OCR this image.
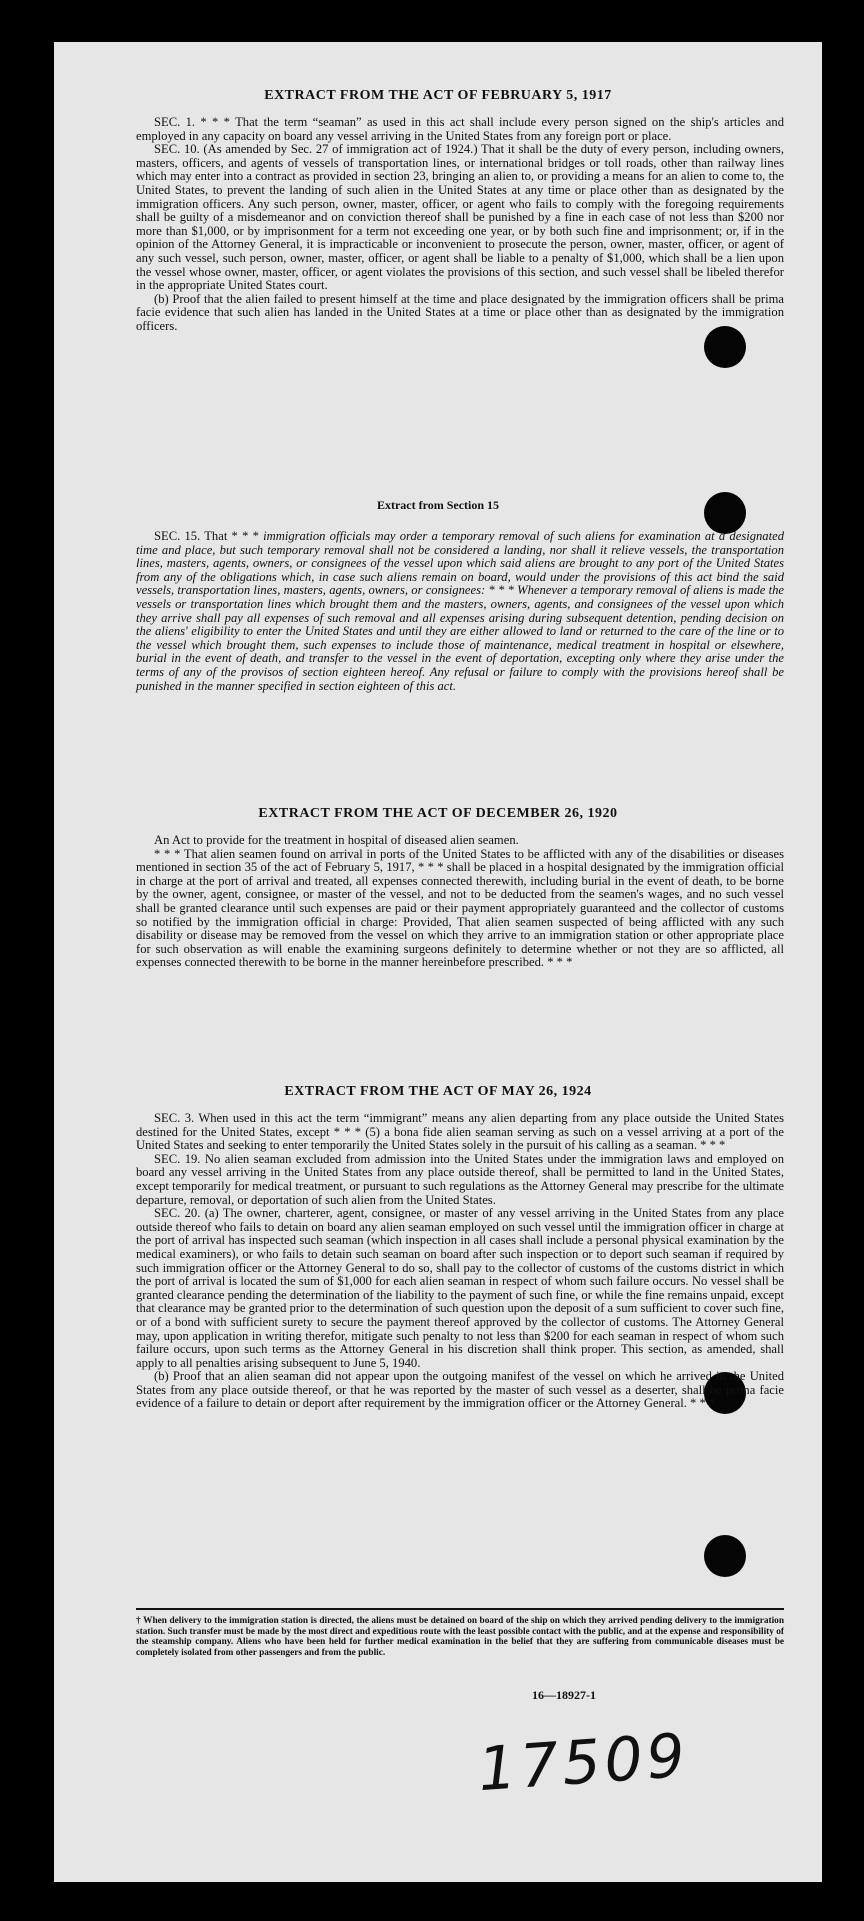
EXTRACT FROM THE ACT OF FEBRUARY 5, 1917

SEC. 1. * * * That the term “seaman” as used in this act shall include every person signed on the ship's articles and employed in any capacity on board any vessel arriving in the United States from any foreign port or place.

SEC. 10. (As amended by Sec. 27 of immigration act of 1924.) That it shall be the duty of every person, including owners, masters, officers, and agents of vessels of transportation lines, or international bridges or toll roads, other than railway lines which may enter into a contract as provided in section 23, bringing an alien to, or providing a means for an alien to come to, the United States, to prevent the landing of such alien in the United States at any time or place other than as designated by the immigration officers. Any such person, owner, master, officer, or agent who fails to comply with the foregoing requirements shall be guilty of a misdemeanor and on conviction thereof shall be punished by a fine in each case of not less than $200 nor more than $1,000, or by imprisonment for a term not exceeding one year, or by both such fine and imprisonment; or, if in the opinion of the Attorney General, it is impracticable or inconvenient to prosecute the person, owner, master, officer, or agent of any such vessel, such person, owner, master, officer, or agent shall be liable to a penalty of $1,000, which shall be a lien upon the vessel whose owner, master, officer, or agent violates the provisions of this section, and such vessel shall be libeled therefor in the appropriate United States court.

(b) Proof that the alien failed to present himself at the time and place designated by the immigration officers shall be prima facie evidence that such alien has landed in the United States at a time or place other than as designated by the immigration officers.

Extract from Section 15

SEC. 15. That * * * immigration officials may order a temporary removal of such aliens for examination at a designated time and place, but such temporary removal shall not be considered a landing, nor shall it relieve vessels, the transportation lines, masters, agents, owners, or consignees of the vessel upon which said aliens are brought to any port of the United States from any of the obligations which, in case such aliens remain on board, would under the provisions of this act bind the said vessels, transportation lines, masters, agents, owners, or consignees: * * * Whenever a temporary removal of aliens is made the vessels or transportation lines which brought them and the masters, owners, agents, and consignees of the vessel upon which they arrive shall pay all expenses of such removal and all expenses arising during subsequent detention, pending decision on the aliens' eligibility to enter the United States and until they are either allowed to land or returned to the care of the line or to the vessel which brought them, such expenses to include those of maintenance, medical treatment in hospital or elsewhere, burial in the event of death, and transfer to the vessel in the event of deportation, excepting only where they arise under the terms of any of the provisos of section eighteen hereof. Any refusal or failure to comply with the provisions hereof shall be punished in the manner specified in section eighteen of this act.

EXTRACT FROM THE ACT OF DECEMBER 26, 1920

An Act to provide for the treatment in hospital of diseased alien seamen.

* * * That alien seamen found on arrival in ports of the United States to be afflicted with any of the disabilities or diseases mentioned in section 35 of the act of February 5, 1917, * * * shall be placed in a hospital designated by the immigration official in charge at the port of arrival and treated, all expenses connected therewith, including burial in the event of death, to be borne by the owner, agent, consignee, or master of the vessel, and not to be deducted from the seamen's wages, and no such vessel shall be granted clearance until such expenses are paid or their payment appropriately guaranteed and the collector of customs so notified by the immigration official in charge: Provided, That alien seamen suspected of being afflicted with any such disability or disease may be removed from the vessel on which they arrive to an immigration station or other appropriate place for such observation as will enable the examining surgeons definitely to determine whether or not they are so afflicted, all expenses connected therewith to be borne in the manner hereinbefore prescribed. * * *

EXTRACT FROM THE ACT OF MAY 26, 1924

SEC. 3. When used in this act the term “immigrant” means any alien departing from any place outside the United States destined for the United States, except * * * (5) a bona fide alien seaman serving as such on a vessel arriving at a port of the United States and seeking to enter temporarily the United States solely in the pursuit of his calling as a seaman. * * *

SEC. 19. No alien seaman excluded from admission into the United States under the immigration laws and employed on board any vessel arriving in the United States from any place outside thereof, shall be permitted to land in the United States, except temporarily for medical treatment, or pursuant to such regulations as the Attorney General may prescribe for the ultimate departure, removal, or deportation of such alien from the United States.

SEC. 20. (a) The owner, charterer, agent, consignee, or master of any vessel arriving in the United States from any place outside thereof who fails to detain on board any alien seaman employed on such vessel until the immigration officer in charge at the port of arrival has inspected such seaman (which inspection in all cases shall include a personal physical examination by the medical examiners), or who fails to detain such seaman on board after such inspection or to deport such seaman if required by such immigration officer or the Attorney General to do so, shall pay to the collector of customs of the customs district in which the port of arrival is located the sum of $1,000 for each alien seaman in respect of whom such failure occurs. No vessel shall be granted clearance pending the determination of the liability to the payment of such fine, or while the fine remains unpaid, except that clearance may be granted prior to the determination of such question upon the deposit of a sum sufficient to cover such fine, or of a bond with sufficient surety to secure the payment thereof approved by the collector of customs. The Attorney General may, upon application in writing therefor, mitigate such penalty to not less than $200 for each seaman in respect of whom such failure occurs, upon such terms as the Attorney General in his discretion shall think proper. This section, as amended, shall apply to all penalties arising subsequent to June 5, 1940.

(b) Proof that an alien seaman did not appear upon the outgoing manifest of the vessel on which he arrived in the United States from any place outside thereof, or that he was reported by the master of such vessel as a deserter, shall be prima facie evidence of a failure to detain or deport after requirement by the immigration officer or the Attorney General. * * *

† When delivery to the immigration station is directed, the aliens must be detained on board of the ship on which they arrived pending delivery to the immigration station. Such transfer must be made by the most direct and expeditious route with the least possible contact with the public, and at the expense and responsibility of the steamship company. Aliens who have been held for further medical examination in the belief that they are suffering from communicable diseases must be completely isolated from other passengers and from the public.
16—18927-1
17509
